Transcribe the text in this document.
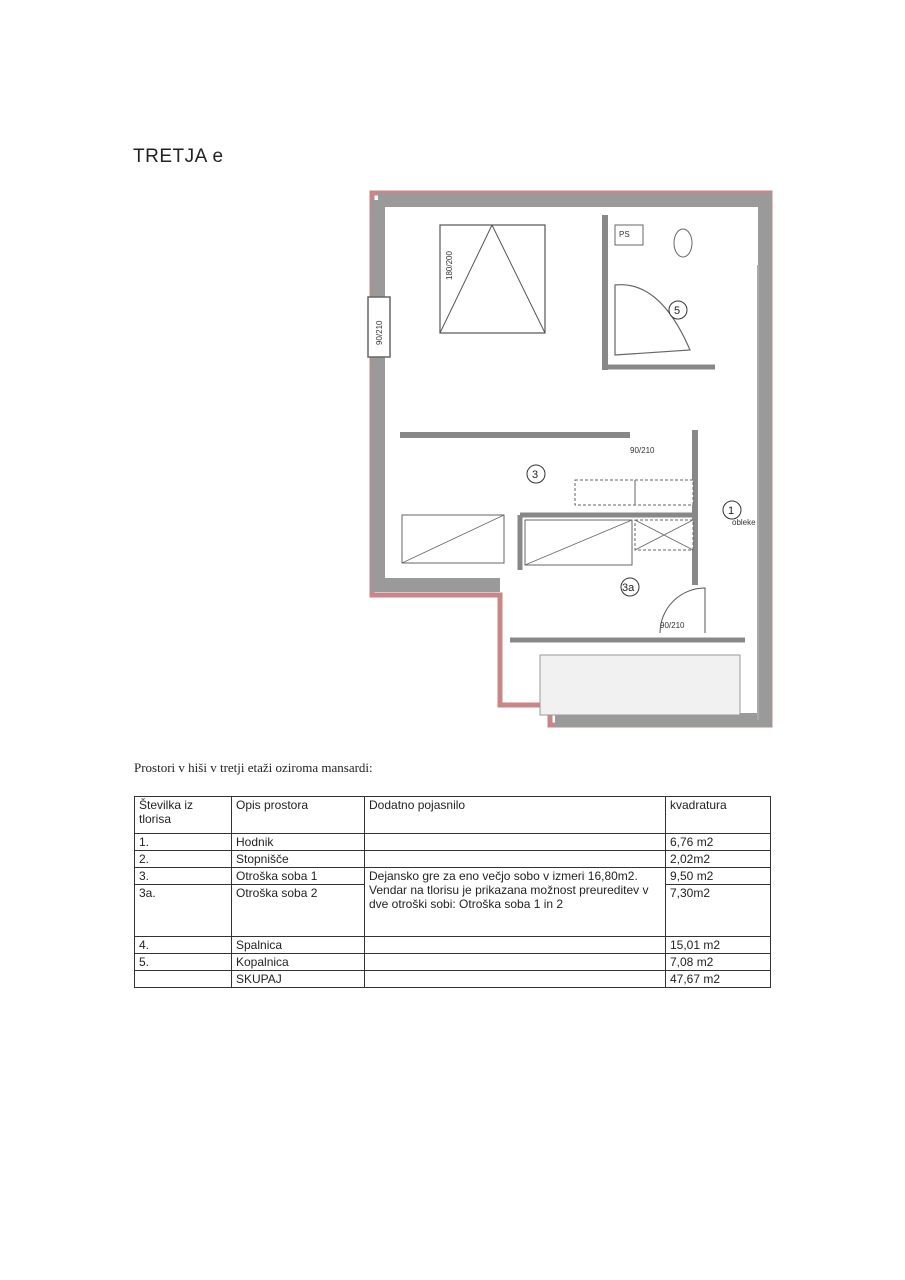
TRETJA e
90/210
180/200
PS
5
90/210
3
1
obleke
3a
90/210
Prostori v hiši v tretji etaži oziroma mansardi:
Številka iz tlorisa	Opis prostora	Dodatno pojasnilo	kvadratura
1.	Hodnik		6,76 m2
2.	Stopnišče		2,02m2
3.	Otroška soba 1	Dejansko gre za eno večjo sobo v izmeri 16,80m2. Vendar na tlorisu je prikazana možnost preureditev v dve otroški sobi: Otroška soba 1 in 2	9,50 m2
3a.	Otroška soba 2		7,30m2
4.	Spalnica		15,01 m2
5.	Kopalnica		7,08 m2
	SKUPAJ		47,67 m2
